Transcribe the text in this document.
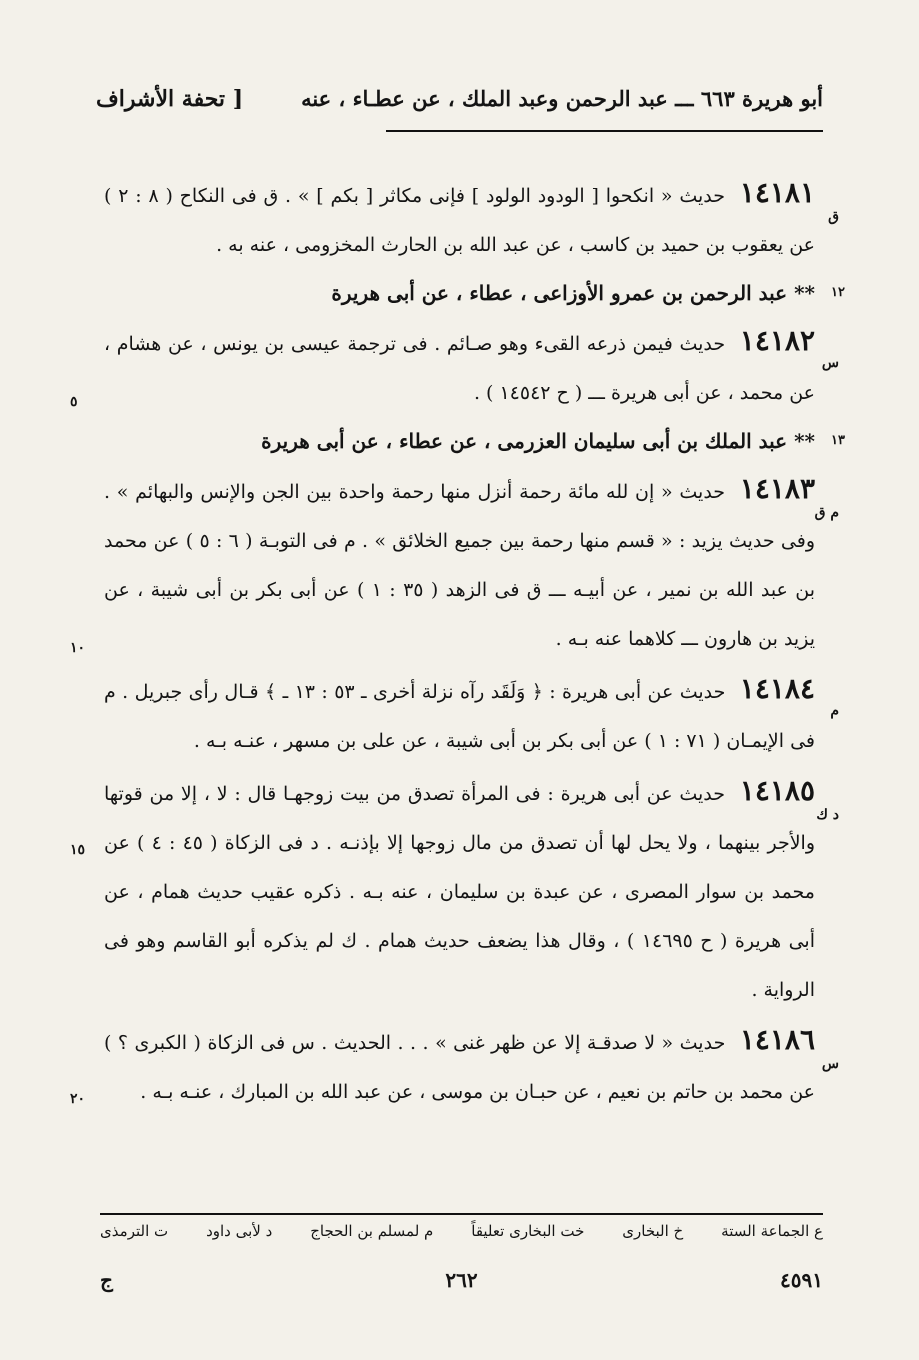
أبو هريرة ٦٦٣ ـــ عبد الرحمن وعبد الملك ، عن عطـاء ، عنه
[ تحفة الأشراف

ق
١٤١٨١ حديث « انكحوا [ الودود الولود ] فإنى مكاثر [ بكم ] » . ق فى النكاح ( ٨ : ٢ ) عن يعقوب بن حميد بن كاسب ، عن عبد الله بن الحارث المخزومى ، عنه به .

١٢
** عبد الرحمن بن عمرو الأوزاعى ، عطاء ، عن أبى هريرة

س
٥
١٤١٨٢ حديث فيمن ذرعه القىء وهو صـائم . فى ترجمة عيسى بن يونس ، عن هشام ، عن محمد ، عن أبى هريرة ـــ ( ح ١٤٥٤٢ ) .

١٣
** عبد الملك بن أبى سليمان العزرمى ، عن عطاء ، عن أبى هريرة

م ق
١٠
١٤١٨٣ حديث « إن لله مائة رحمة أنزل منها رحمة واحدة بين الجن والإنس والبهائم » . وفى حديث يزيد : « قسم منها رحمة بين جميع الخلائق » . م فى التوبـة ( ٦ : ٥ ) عن محمد بن عبد الله بن نمير ، عن أبيـه ـــ ق فى الزهد ( ٣٥ : ١ ) عن أبى بكر بن أبى شيبة ، عن يزيد بن هارون ـــ كلاهما عنه بـه .

م
١٤١٨٤ حديث عن أبى هريرة : ﴿ وَلَقَد رآه نزلة أخرى ـ ٥٣ : ١٣ ـ ﴾ قـال رأى جبريل . م فى الإيمـان ( ٧١ : ١ ) عن أبى بكر بن أبى شيبة ، عن على بن مسهر ، عنـه بـه .

د ك
١٥
١٤١٨٥ حديث عن أبى هريرة : فى المرأة تصدق من بيت زوجهـا قال : لا ، إلا من قوتها والأجر بينهما ، ولا يحل لها أن تصدق من مال زوجها إلا بإذنـه . د فى الزكاة ( ٤٥ : ٤ ) عن محمد بن سوار المصرى ، عن عبدة بن سليمان ، عنه بـه . ذكره عقيب حديث همام ، عن أبى هريرة ( ح ١٤٦٩٥ ) ، وقال هذا يضعف حديث همام . ك لم يذكره أبو القاسم وهو فى الرواية .

س
٢٠
١٤١٨٦ حديث « لا صدقـة إلا عن ظهر غنى » . . . الحديث . س فى الزكاة ( الكبرى ؟ ) عن محمد بن حاتم بن نعيم ، عن حبـان بن موسى ، عن عبد الله بن المبارك ، عنـه بـه .

ع الجماعة الستة
خ البخارى
خت البخارى تعليقاً
م لمسلم بن الحجاج
د لأبى داود
ت الترمذى
٤٥٩١
٢٦٢
ج
